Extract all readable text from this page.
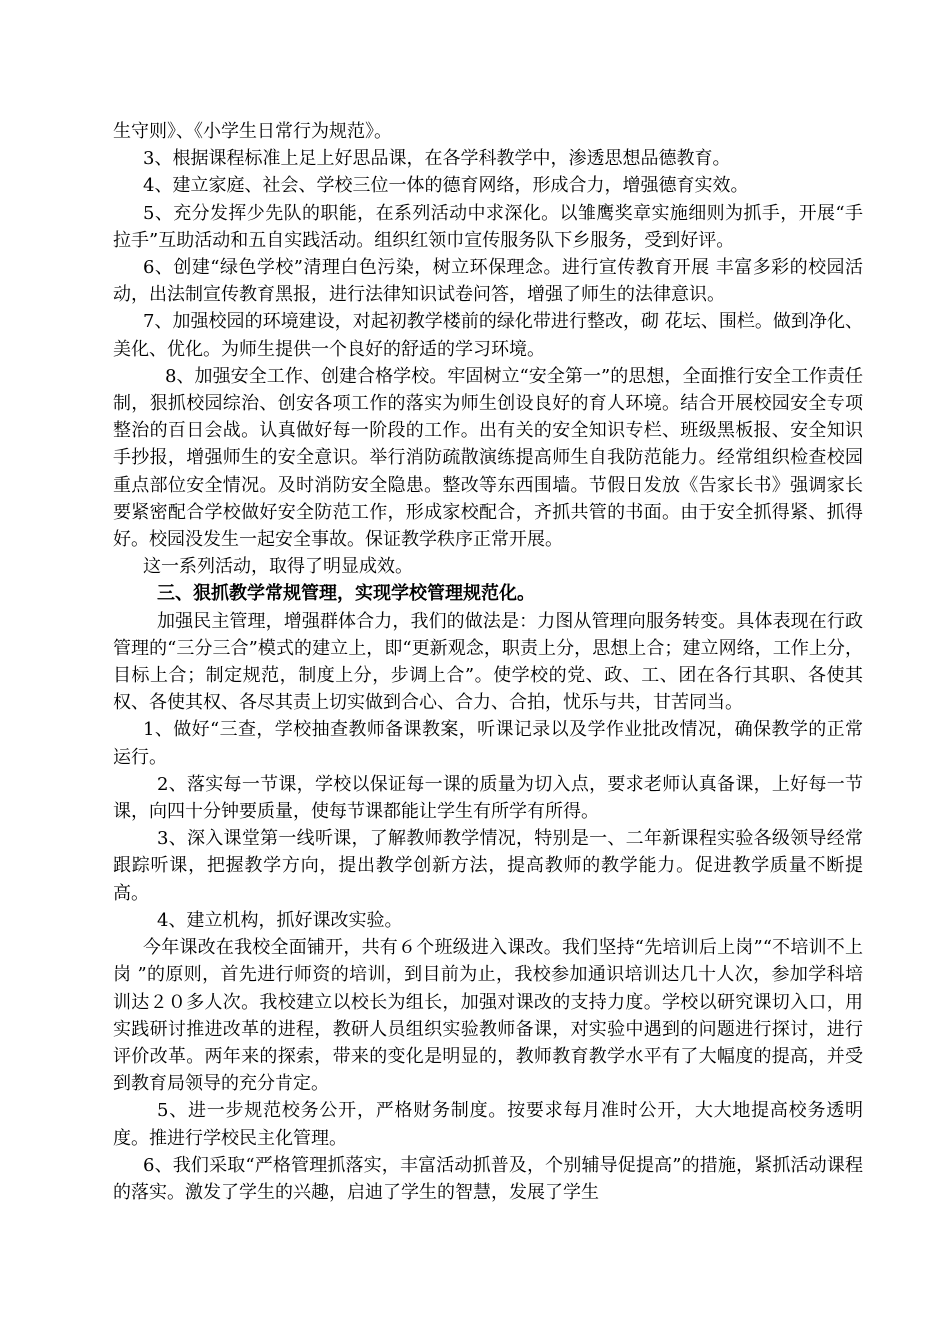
生守则》、《小学生日常行为规范》。

3、根据课程标准上足上好思品课，在各学科教学中，渗透思想品德教育。

4、建立家庭、社会、学校三位一体的德育网络，形成合力，增强德育实效。

5、充分发挥少先队的职能，在系列活动中求深化。以雏鹰奖章实施细则为抓手，开展“手拉手”互助活动和五自实践活动。组织红领巾宣传服务队下乡服务，受到好评。

6、创建“绿色学校”清理白色污染，树立环保理念。进行宣传教育开展 丰富多彩的校园活动，出法制宣传教育黑报，进行法律知识试卷问答，增强了师生的法律意识。

7、加强校园的环境建设，对起初教学楼前的绿化带进行整改，砌 花坛、围栏。做到净化、美化、优化。为师生提供一个良好的舒适的学习环境。

8、加强安全工作、创建合格学校。牢固树立“安全第一”的思想，全面推行安全工作责任制，狠抓校园综治、创安各项工作的落实为师生创设良好的育人环境。结合开展校园安全专项整治的百日会战。认真做好每一阶段的工作。出有关的安全知识专栏、班级黑板报、安全知识手抄报，增强师生的安全意识。举行消防疏散演练提高师生自我防范能力。经常组织检查校园重点部位安全情况。及时消防安全隐患。整改等东西围墙。节假日发放《告家长书》强调家长要紧密配合学校做好安全防范工作，形成家校配合，齐抓共管的书面。由于安全抓得紧、抓得好。校园没发生一起安全事故。保证教学秩序正常开展。

这一系列活动，取得了明显成效。

三、狠抓教学常规管理，实现学校管理规范化。

加强民主管理，增强群体合力，我们的做法是：力图从管理向服务转变。具体表现在行政管理的“三分三合”模式的建立上，即“更新观念，职责上分，思想上合；建立网络，工作上分，目标上合；制定规范，制度上分，步调上合”。使学校的党、政、工、团在各行其职、各使其权、各使其权、各尽其责上切实做到合心、合力、合拍，忧乐与共，甘苦同当。

1、做好“三查，学校抽查教师备课教案，听课记录以及学作业批改情况，确保教学的正常运行。

2、落实每一节课，学校以保证每一课的质量为切入点，要求老师认真备课，上好每一节课，向四十分钟要质量，使每节课都能让学生有所学有所得。

3、深入课堂第一线听课，了解教师教学情况，特别是一、二年新课程实验各级领导经常跟踪听课，把握教学方向，提出教学创新方法，提高教师的教学能力。促进教学质量不断提高。

4、建立机构，抓好课改实验。

今年课改在我校全面铺开，共有６个班级进入课改。我们坚持“先培训后上岗”“不培训不上岗 ”的原则，首先进行师资的培训，到目前为止，我校参加通识培训达几十人次，参加学科培训达２０多人次。我校建立以校长为组长，加强对课改的支持力度。学校以研究课切入口，用实践研讨推进改革的进程，教研人员组织实验教师备课，对实验中遇到的问题进行探讨，进行评价改革。两年来的探索，带来的变化是明显的，教师教育教学水平有了大幅度的提高，并受到教育局领导的充分肯定。

5、进一步规范校务公开，严格财务制度。按要求每月准时公开，大大地提高校务透明度。推进行学校民主化管理。

6、我们采取“严格管理抓落实，丰富活动抓普及，个别辅导促提高”的措施，紧抓活动课程的落实。激发了学生的兴趣，启迪了学生的智慧，发展了学生
